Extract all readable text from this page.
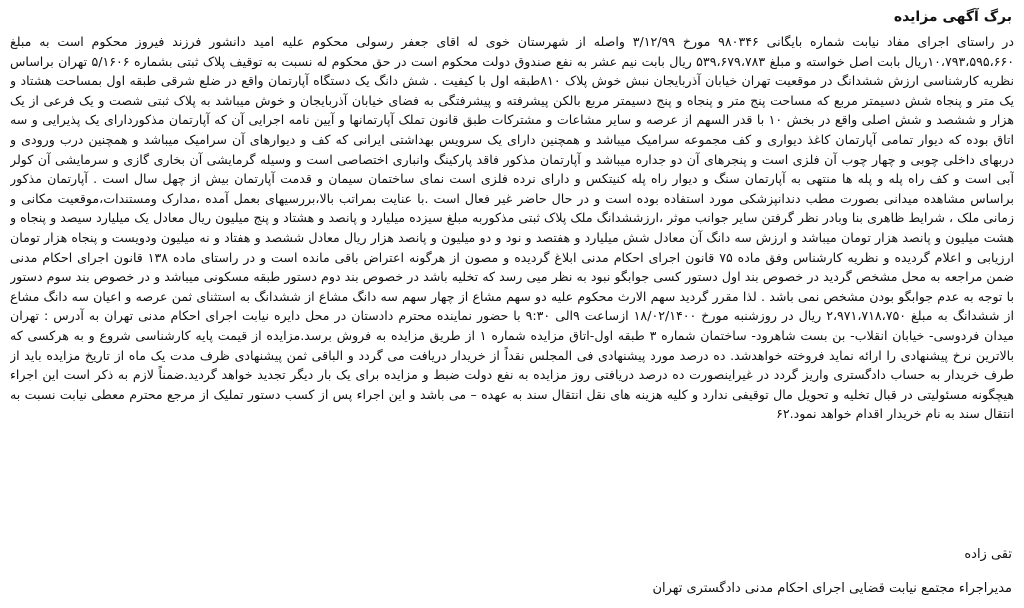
برگ آگهی مزایده

در راستای اجرای مفاد نیابت شماره بایگانی ۹۸۰۳۴۶ مورخ ۳/۱۲/۹۹ واصله از شهرستان خوی له اقای جعفر رسولی محکوم علیه امید دانشور فرزند فیروز محکوم است به مبلغ ۱۰،۷۹۳،۵۹۵،۶۶۰ریال بابت اصل خواسته و مبلغ ۵۳۹،۶۷۹،۷۸۳ ریال بابت نیم عشر به نفع صندوق دولت محکوم است در حق محکوم له نسبت به توقیف پلاک ثبتی بشماره ۵/۱۶۰۶ تهران براساس نظریه کارشناسی ارزش ششدانگ در موقعیت تهران خیابان آذربایجان نبش خوش پلاک ۸۱۰طبقه اول با کیفیت . شش دانگ یک دستگاه آپارتمان واقع در ضلع شرقی طبقه اول بمساحت هشتاد و یک متر و پنجاه شش دسیمتر مربع که مساحت پنج متر و پنجاه و پنج دسیمتر مربع بالکن پیشرفته و پیشرفتگی به فضای خیابان آذربایجان و خوش میباشد به پلاک ثبتی شصت و یک فرعی از یک هزار و ششصد و شش اصلی واقع در بخش ۱۰ با قدر السهم از عرصه و سایر مشاعات و مشترکات طبق قانون تملک آپارتمانها و آیین نامه اجرایی آن که آپارتمان مذکوردارای یک پذیرایی و سه اتاق بوده که دیوار تمامی آپارتمان کاغذ دیواری و کف مجموعه سرامیک میباشد و همچنین دارای یک سرویس بهداشتی ایرانی که کف و دیوارهای آن سرامیک میباشد و همچنین درب ورودی و دربهای داخلی چوبی و چهار چوب آن فلزی است و پنجرهای آن دو جداره میباشد و آپارتمان مذکور فاقد پارکینگ وانباری اختصاصی است و وسیله گرمایشی آن بخاری گازی و سرمایشی آن کولر آبی است و کف راه پله و پله ها منتهی به آپارتمان سنگ و دیوار راه پله کنیتکس و دارای نرده فلزی است نمای ساختمان سیمان و قدمت آپارتمان بیش از چهل سال است . آپارتمان مذکور براساس مشاهده میدانی بصورت مطب دندانپزشکی مورد استفاده بوده است و در حال حاضر غیر فعال است .با عنایت بمراتب بالا،بررسیهای بعمل آمده ،مدارک ومستندات،موقعیت مکانی و زمانی ملک ، شرایط ظاهری بنا وبادر نظر گرفتن سایر جوانب موثر ،ارزششدانگ ملک پلاک ثبتی مذکوربه مبلغ سیزده میلیارد و پانصد و هشتاد و پنج میلیون ریال معادل یک میلیارد سیصد و پنجاه و هشت میلیون و پانصد هزار تومان میباشد و ارزش سه دانگ آن معادل شش میلیارد و هفتصد و نود و دو میلیون و پانصد هزار ریال معادل ششصد و هفتاد و نه میلیون ودویست و پنجاه هزار تومان ارزیابی و اعلام گردیده و نظریه کارشناس وفق ماده ۷۵ قانون اجرای احکام مدنی ابلاغ گردیده و مصون از هرگونه اعتراض باقی مانده است و در راستای ماده ۱۳۸ قانون اجرای احکام مدنی ضمن مراجعه به محل مشخص گردید در خصوص بند اول دستور کسی جوابگو نبود به نظر میی رسد که تخلیه باشد در خصوص بند دوم دستور طبقه مسکونی میباشد و در خصوص بند سوم دستور با توجه به عدم جوابگو بودن مشخص نمی باشد . لذا مقرر گردید سهم الارث محکوم علیه دو سهم مشاع از چهار سهم سه دانگ مشاع از ششدانگ به استثنای ثمن عرصه و اعیان سه دانگ مشاع از ششدانگ به مبلغ ۲،۹۷۱،۷۱۸،۷۵۰ ریال در روزشنبه مورخ ۱۸/۰۲/۱۴۰۰ ازساعت ۹الی ۹:۳۰ با حضور نماینده محترم دادستان در محل دایره نیابت اجرای احکام مدنی تهران به آدرس : تهران میدان فردوسی- خیابان انقلاب- بن بست شاهرود- ساختمان شماره ۳ طبقه اول-اتاق مزایده شماره ۱ از طریق مزایده به فروش برسد.مزایده از قیمت پایه کارشناسی شروع و به هرکسی که بالاترین نرخ پیشنهادی را ارائه نماید فروخته خواهدشد. ده درصد مورد پیشنهادی فی المجلس نقداً از خریدار دریافت می گردد و الباقی ثمن پیشنهادی ظرف مدت یک ماه از تاریخ مزایده باید از طرف خریدار به حساب دادگستری واریز گردد در غیراینصورت ده درصد دریافتی روز مزایده به نفع دولت ضبط و مزایده برای یک بار دیگر تجدید خواهد گردید.ضمناً لازم به ذکر است این اجراء هیچگونه مسئولیتی در قبال تخلیه و تحویل مال توقیفی ندارد و کلیه هزینه های نقل انتقال سند به عهده – می باشد و این اجراء پس از کسب دستور تملیک از مرجع محترم معطی نیابت نسبت به انتقال سند به نام خریدار اقدام خواهد نمود.۶۲

تقی زاده
مدیراجراء مجتمع نیابت قضایی اجرای احکام مدنی دادگستری تهران
